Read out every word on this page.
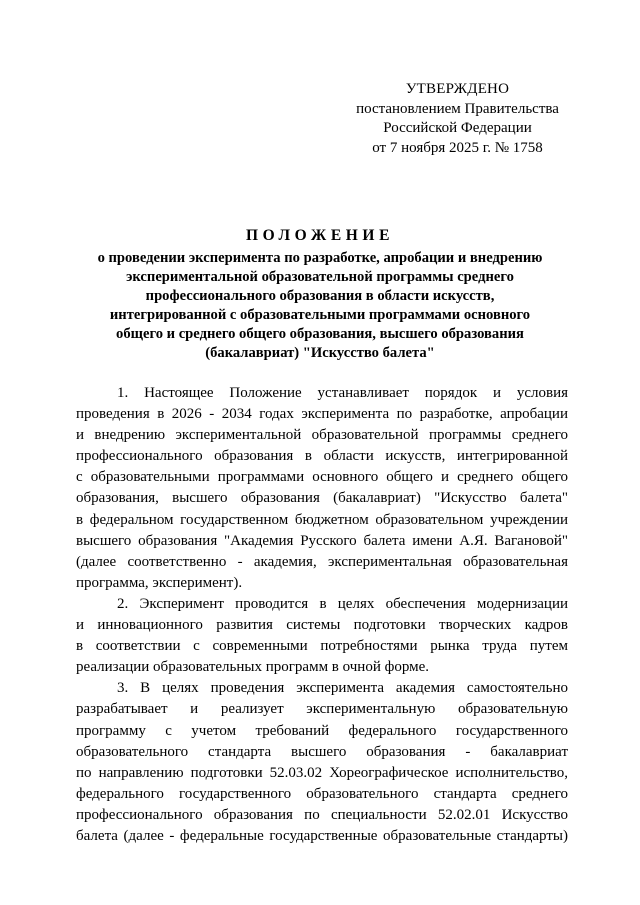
УТВЕРЖДЕНО
постановлением Правительства
Российской Федерации
от 7 ноября 2025 г. № 1758
ПОЛОЖЕНИЕ
о проведении эксперимента по разработке, апробации и внедрению
экспериментальной образовательной программы среднего
профессионального образования в области искусств,
интегрированной с образовательными программами основного
общего и среднего общего образования, высшего образования
(бакалавриат) "Искусство балета"
1. Настоящее Положение устанавливает порядок и условия
проведения в 2026 - 2034 годах эксперимента по разработке, апробации
и внедрению экспериментальной образовательной программы среднего
профессионального образования в области искусств, интегрированной
с образовательными программами основного общего и среднего общего
образования, высшего образования (бакалавриат) "Искусство балета"
в федеральном государственном бюджетном образовательном учреждении
высшего образования "Академия Русского балета имени А.Я. Вагановой"
(далее соответственно - академия, экспериментальная образовательная
программа, эксперимент).
2. Эксперимент проводится в целях обеспечения модернизации
и инновационного развития системы подготовки творческих кадров
в соответствии с современными потребностями рынка труда путем
реализации образовательных программ в очной форме.
3. В целях проведения эксперимента академия самостоятельно
разрабатывает и реализует экспериментальную образовательную
программу с учетом требований федерального государственного
образовательного стандарта высшего образования - бакалавриат
по направлению подготовки 52.03.02 Хореографическое исполнительство,
федерального государственного образовательного стандарта среднего
профессионального образования по специальности 52.02.01 Искусство
балета (далее - федеральные государственные образовательные стандарты)
